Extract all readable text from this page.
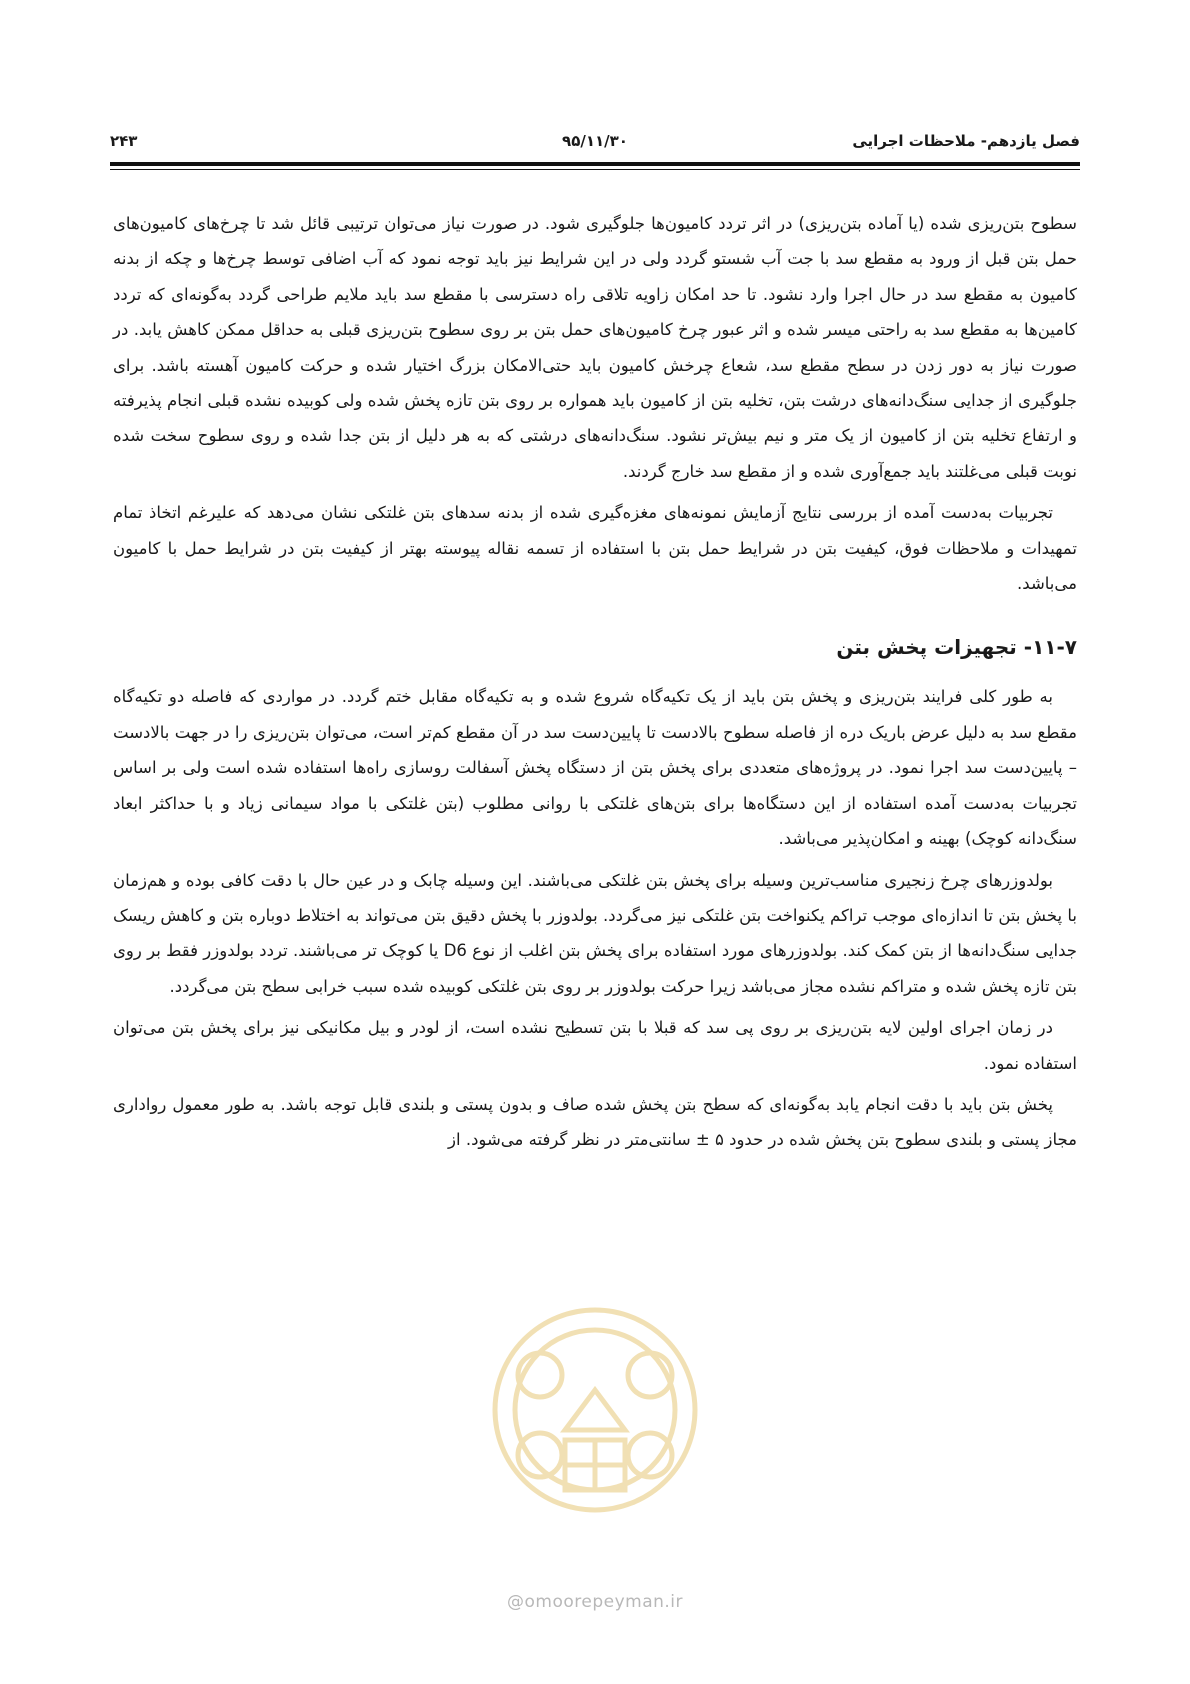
فصل یازدهم- ملاحظات اجرایی
۹۵/۱۱/۳۰
۲۴۳

سطوح بتن‌ریزی شده (یا آماده بتن‌ریزی) در اثر تردد کامیون‌ها جلوگیری شود. در صورت نیاز می‌توان ترتیبی قائل شد تا چرخ‌های کامیون‌های حمل بتن قبل از ورود به مقطع سد با جت آب شستو گردد ولی در این شرایط نیز باید توجه نمود که آب اضافی توسط چرخ‌ها و چکه از بدنه کامیون به مقطع سد در حال اجرا وارد نشود. تا حد امکان زاویه تلاقی راه دسترسی با مقطع سد باید ملایم طراحی گردد به‌گونه‌ای که تردد کامین‌ها به مقطع سد به راحتی میسر شده و اثر عبور چرخ کامیون‌های حمل بتن بر روی سطوح بتن‌ریزی قبلی به حداقل ممکن کاهش یابد. در صورت نیاز به دور زدن در سطح مقطع سد، شعاع چرخش کامیون باید حتی‌الامکان بزرگ اختیار شده و حرکت کامیون آهسته باشد. برای جلوگیری از جدایی سنگ‌دانه‌های درشت بتن، تخلیه بتن از کامیون باید همواره بر روی بتن تازه پخش شده ولی کوبیده نشده قبلی انجام پذیرفته و ارتفاع تخلیه بتن از کامیون از یک متر و نیم بیش‌تر نشود. سنگ‌دانه‌های درشتی که به هر دلیل از بتن جدا شده و روی سطوح سخت شده نوبت قبلی می‌غلتند باید جمع‌آوری شده و از مقطع سد خارج گردند.

تجربیات به‌دست آمده از بررسی نتایج آزمایش نمونه‌های مغزه‌گیری شده از بدنه سدهای بتن غلتکی نشان می‌دهد که علیرغم اتخاذ تمام تمهیدات و ملاحظات فوق، کیفیت بتن در شرایط حمل بتن با استفاده از تسمه نقاله پیوسته بهتر از کیفیت بتن در شرایط حمل با کامیون می‌باشد.

۱۱-۷- تجهیزات پخش بتن

به طور کلی فرایند بتن‌ریزی و پخش بتن باید از یک تکیه‌گاه شروع شده و به تکیه‌گاه مقابل ختم گردد. در مواردی که فاصله دو تکیه‌گاه مقطع سد به دلیل عرض باریک دره از فاصله سطوح بالادست تا پایین‌دست سد در آن مقطع کم‌تر است، می‌توان بتن‌ریزی را در جهت بالادست – پایین‌دست سد اجرا نمود. در پروژه‌های متعددی برای پخش بتن از دستگاه پخش آسفالت روسازی راه‌ها استفاده شده است ولی بر اساس تجربیات به‌دست آمده استفاده از این دستگاه‌ها برای بتن‌های غلتکی با روانی مطلوب (بتن غلتکی با مواد سیمانی زیاد و با حداکثر ابعاد سنگ‌دانه کوچک) بهینه و امکان‌پذیر می‌باشد.

بولدوزرهای چرخ زنجیری مناسب‌ترین وسیله برای پخش بتن غلتکی می‌باشند. این وسیله چابک و در عین حال با دقت کافی بوده و هم‌زمان با پخش بتن تا اندازه‌ای موجب تراکم یکنواخت بتن غلتکی نیز می‌گردد. بولدوزر با پخش دقیق بتن می‌تواند به اختلاط دوباره بتن و کاهش ریسک جدایی سنگ‌دانه‌ها از بتن کمک کند. بولدوزرهای مورد استفاده برای پخش بتن اغلب از نوع D6 یا کوچک تر می‌باشند. تردد بولدوزر فقط بر روی بتن تازه پخش شده و متراکم نشده مجاز می‌باشد زیرا حرکت بولدوزر بر روی بتن غلتکی کوبیده شده سبب خرابی سطح بتن می‌گردد.

در زمان اجرای اولین لایه بتن‌ریزی بر روی پی سد که قبلا با بتن تسطیح نشده است، از لودر و بیل مکانیکی نیز برای پخش بتن می‌توان استفاده نمود.

پخش بتن باید با دقت انجام یابد به‌گونه‌ای که سطح بتن پخش شده صاف و بدون پستی و بلندی قابل توجه باشد. به طور معمول رواداری مجاز پستی و بلندی سطوح بتن پخش شده در حدود ۵ ± سانتی‌متر در نظر گرفته می‌شود. از

@omoorepeyman.ir
